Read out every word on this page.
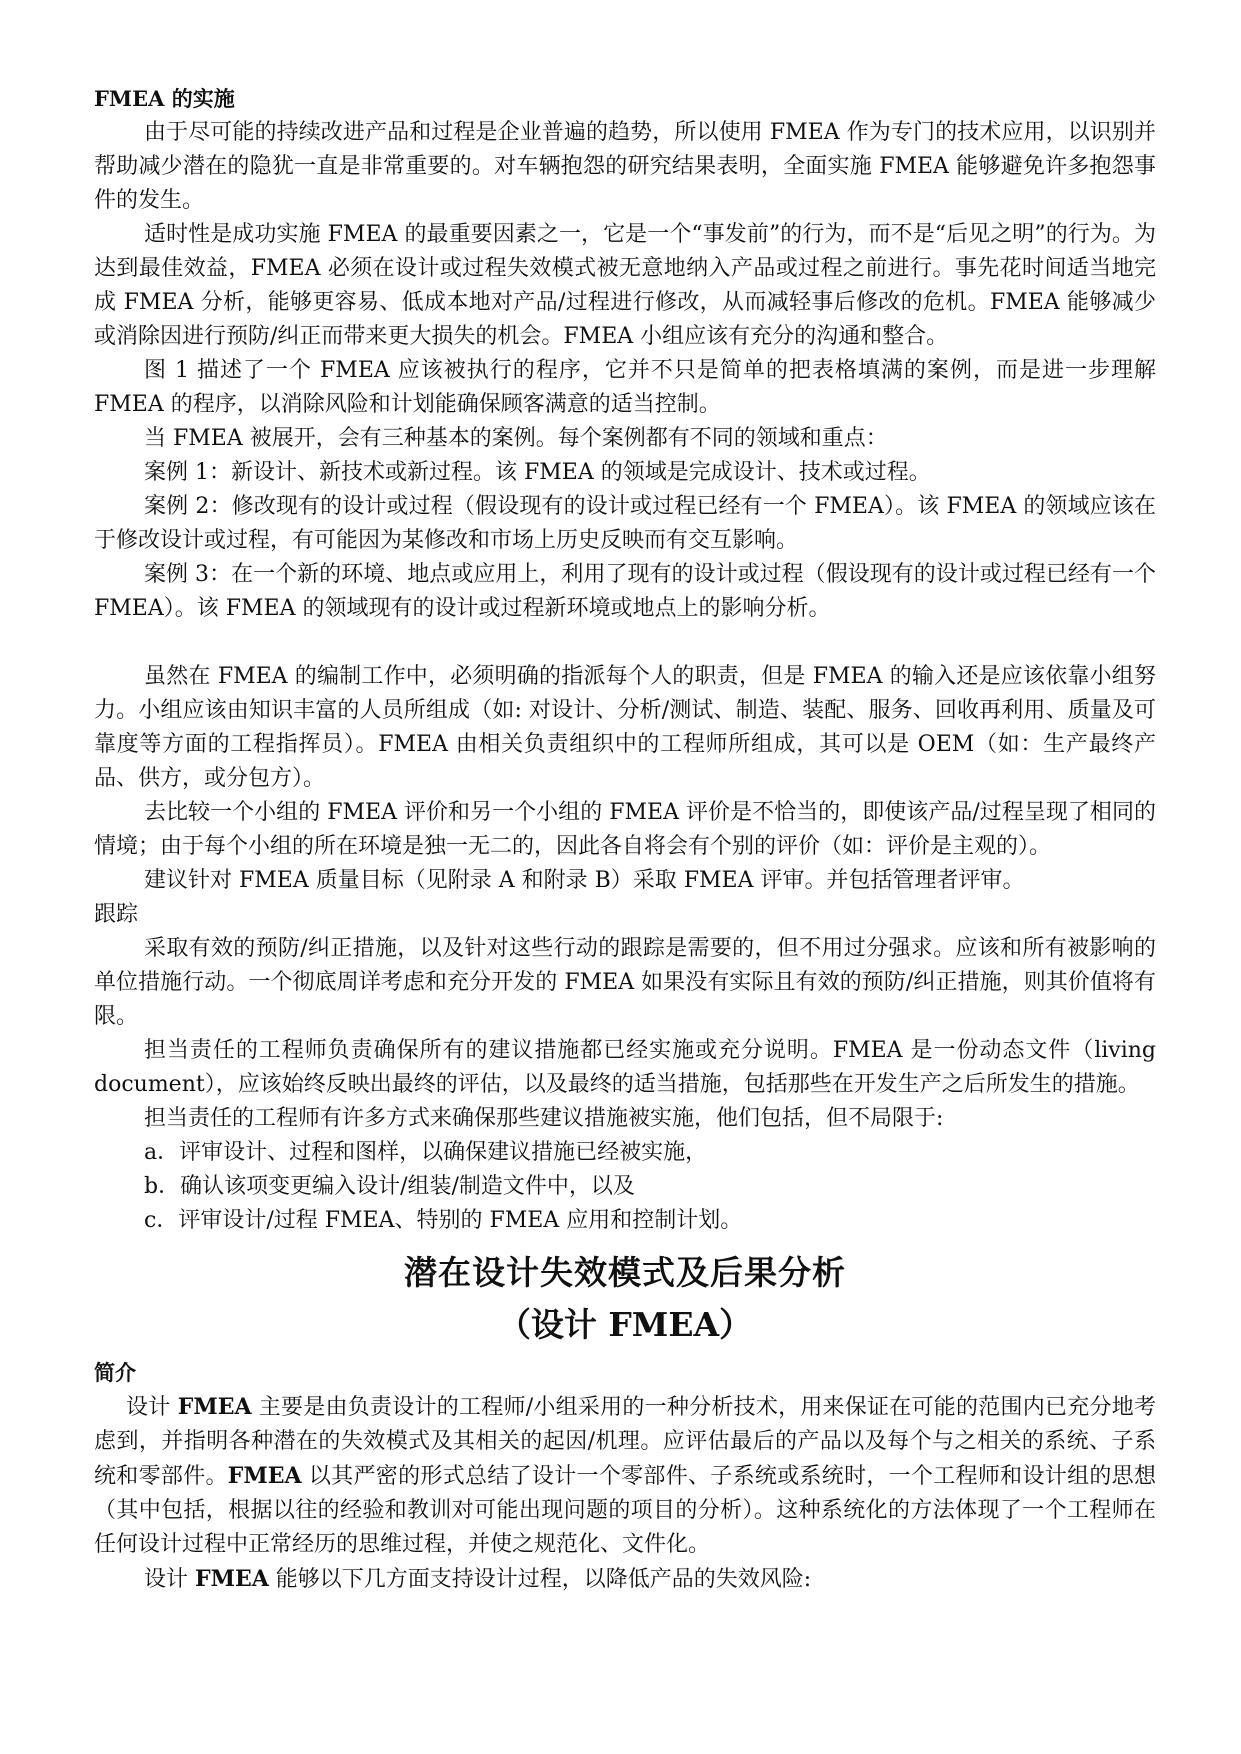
FMEA 的实施

由于尽可能的持续改进产品和过程是企业普遍的趋势，所以使用 FMEA 作为专门的技术应用，以识别并帮助减少潜在的隐犹一直是非常重要的。对车辆抱怨的研究结果表明，全面实施 FMEA 能够避免许多抱怨事件的发生。

适时性是成功实施 FMEA 的最重要因素之一，它是一个“事发前”的行为，而不是“后见之明”的行为。为达到最佳效益，FMEA 必须在设计或过程失效模式被无意地纳入产品或过程之前进行。事先花时间适当地完成 FMEA 分析，能够更容易、低成本地对产品/过程进行修改，从而减轻事后修改的危机。FMEA 能够减少或消除因进行预防/纠正而带来更大损失的机会。FMEA 小组应该有充分的沟通和整合。

图 1 描述了一个 FMEA 应该被执行的程序，它并不只是简单的把表格填满的案例，而是进一步理解 FMEA 的程序，以消除风险和计划能确保顾客满意的适当控制。

当 FMEA 被展开，会有三种基本的案例。每个案例都有不同的领域和重点：

案例 1：新设计、新技术或新过程。该 FMEA 的领域是完成设计、技术或过程。

案例 2：修改现有的设计或过程（假设现有的设计或过程已经有一个 FMEA）。该 FMEA 的领域应该在于修改设计或过程，有可能因为某修改和市场上历史反映而有交互影响。

案例 3：在一个新的环境、地点或应用上，利用了现有的设计或过程（假设现有的设计或过程已经有一个 FMEA）。该 FMEA 的领域现有的设计或过程新环境或地点上的影响分析。

虽然在 FMEA 的编制工作中，必须明确的指派每个人的职责，但是 FMEA 的输入还是应该依靠小组努力。小组应该由知识丰富的人员所组成（如: 对设计、分析/测试、制造、装配、服务、回收再利用、质量及可靠度等方面的工程指挥员）。FMEA 由相关负责组织中的工程师所组成，其可以是 OEM（如：生产最终产品、供方，或分包方）。

去比较一个小组的 FMEA 评价和另一个小组的 FMEA 评价是不恰当的，即使该产品/过程呈现了相同的情境；由于每个小组的所在环境是独一无二的，因此各自将会有个别的评价（如：评价是主观的）。

建议针对 FMEA 质量目标（见附录 A 和附录 B）采取 FMEA 评审。并包括管理者评审。

跟踪

采取有效的预防/纠正措施，以及针对这些行动的跟踪是需要的，但不用过分强求。应该和所有被影响的单位措施行动。一个彻底周详考虑和充分开发的 FMEA 如果没有实际且有效的预防/纠正措施，则其价值将有限。

担当责任的工程师负责确保所有的建议措施都已经实施或充分说明。FMEA 是一份动态文件（living document），应该始终反映出最终的评估，以及最终的适当措施，包括那些在开发生产之后所发生的措施。

担当责任的工程师有许多方式来确保那些建议措施被实施，他们包括，但不局限于:

a．评审设计、过程和图样，以确保建议措施已经被实施，

b．确认该项变更编入设计/组装/制造文件中，以及

c．评审设计/过程 FMEA、特别的 FMEA 应用和控制计划。

潜在设计失效模式及后果分析
（设计 FMEA）
简介

设计 FMEA 主要是由负责设计的工程师/小组采用的一种分析技术，用来保证在可能的范围内已充分地考虑到，并指明各种潜在的失效模式及其相关的起因/机理。应评估最后的产品以及每个与之相关的系统、子系统和零部件。FMEA 以其严密的形式总结了设计一个零部件、子系统或系统时，一个工程师和设计组的思想（其中包括，根据以往的经验和教训对可能出现问题的项目的分析）。这种系统化的方法体现了一个工程师在任何设计过程中正常经历的思维过程，并使之规范化、文件化。

设计 FMEA 能够以下几方面支持设计过程，以降低产品的失效风险:
